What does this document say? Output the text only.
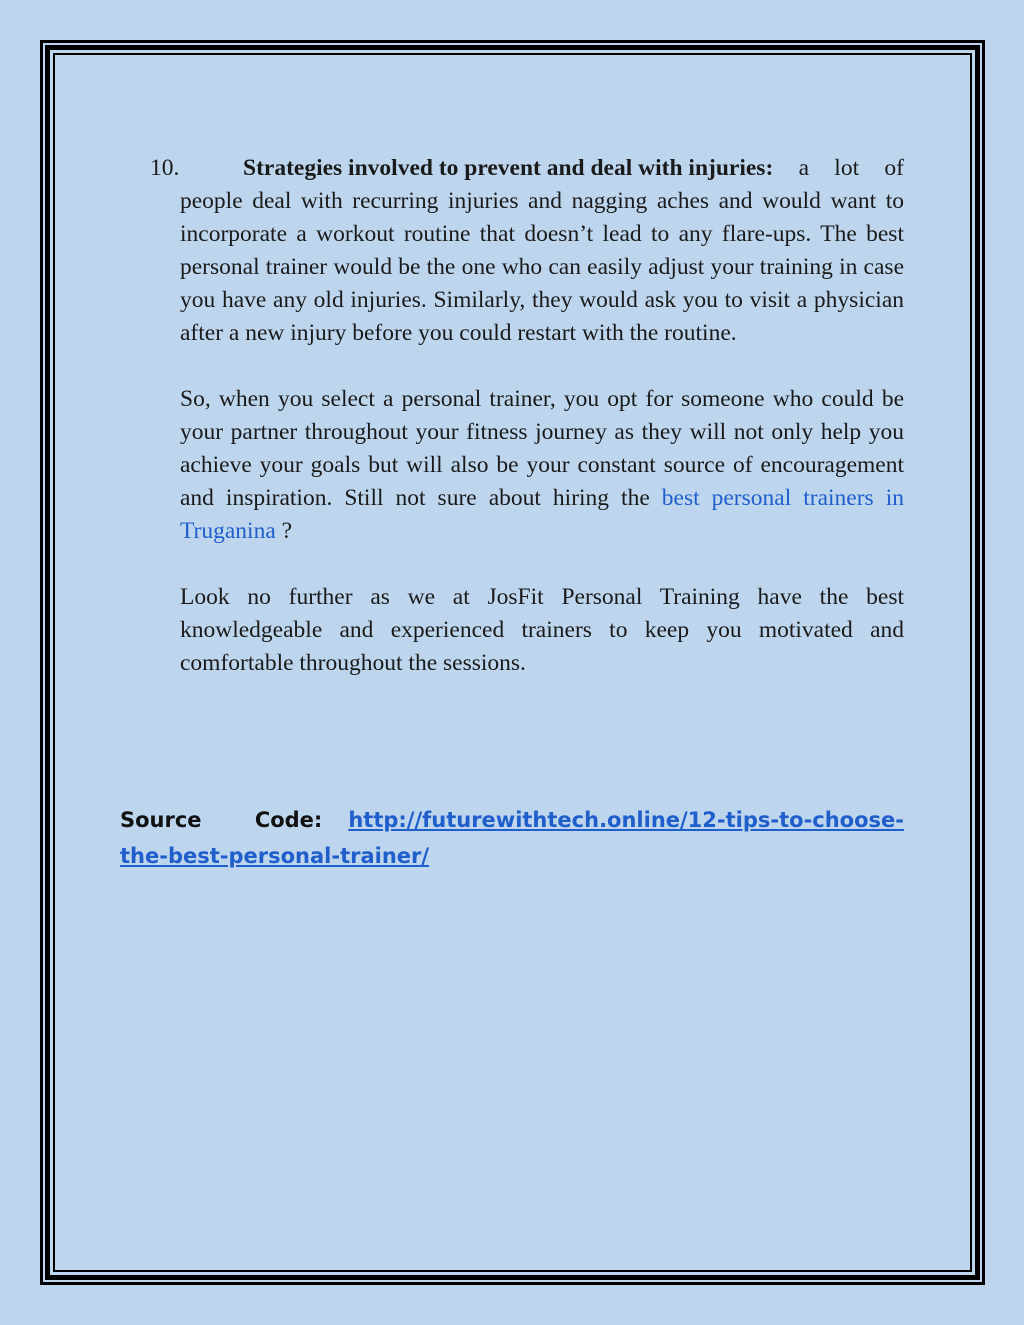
10.	Strategies involved to prevent and deal with injuries: a lot of people deal with recurring injuries and nagging aches and would want to incorporate a workout routine that doesn’t lead to any flare-ups. The best personal trainer would be the one who can easily adjust your training in case you have any old injuries. Similarly, they would ask you to visit a physician after a new injury before you could restart with the routine.

So, when you select a personal trainer, you opt for someone who could be your partner throughout your fitness journey as they will not only help you achieve your goals but will also be your constant source of encouragement and inspiration. Still not sure about hiring the best personal trainers in Truganina ?

Look no further as we at JosFit Personal Training have the best knowledgeable and experienced trainers to keep you motivated and comfortable throughout the sessions.

Source Code: http://futurewithtech.online/12-tips-to-choose-the-best-personal-trainer/
